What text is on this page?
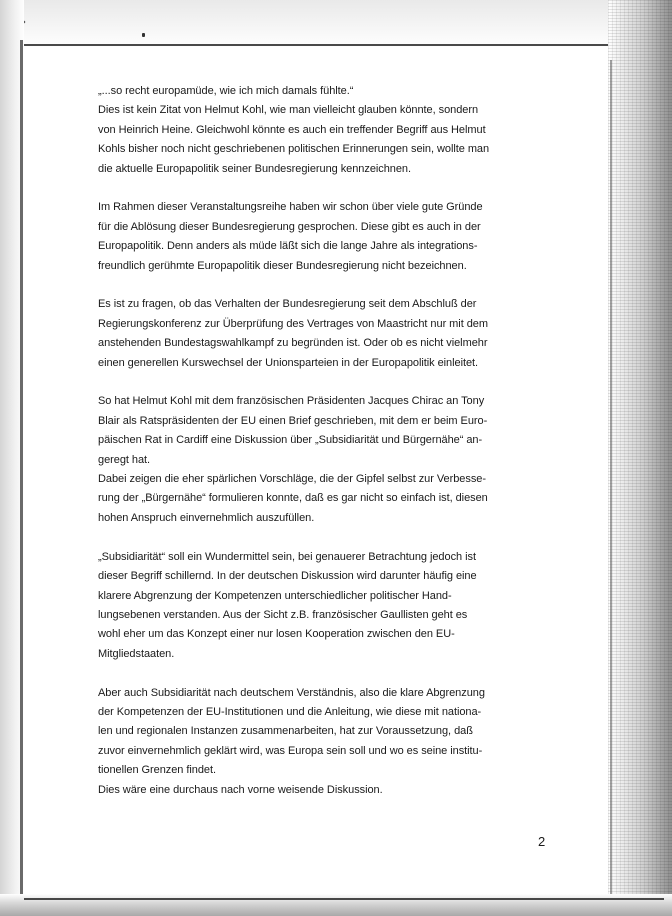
„...so recht europamüde, wie ich mich damals fühlte.“
Dies ist kein Zitat von Helmut Kohl, wie man vielleicht glauben könnte, sondern
von Heinrich Heine. Gleichwohl könnte es auch ein treffender Begriff aus Helmut
Kohls bisher noch nicht geschriebenen politischen Erinnerungen sein, wollte man
die aktuelle Europapolitik seiner Bundesregierung kennzeichnen.
Im Rahmen dieser Veranstaltungsreihe haben wir schon über viele gute Gründe
für die Ablösung dieser Bundesregierung gesprochen. Diese gibt es auch in der
Europapolitik. Denn anders als müde läßt sich die lange Jahre als integrations-
freundlich gerühmte Europapolitik dieser Bundesregierung nicht bezeichnen.
Es ist zu fragen, ob das Verhalten der Bundesregierung seit dem Abschluß der
Regierungskonferenz zur Überprüfung des Vertrages von Maastricht nur mit dem
anstehenden Bundestagswahlkampf zu begründen ist. Oder ob es nicht vielmehr
einen generellen Kurswechsel der Unionsparteien in der Europapolitik einleitet.
So hat Helmut Kohl mit dem französischen Präsidenten Jacques Chirac an Tony
Blair als Ratspräsidenten der EU einen Brief geschrieben, mit dem er beim Euro-
päischen Rat in Cardiff eine Diskussion über „Subsidiarität und Bürgernähe“ an-
geregt hat.
Dabei zeigen die eher spärlichen Vorschläge, die der Gipfel selbst zur Verbesse-
rung der „Bürgernähe“ formulieren konnte, daß es gar nicht so einfach ist, diesen
hohen Anspruch einvernehmlich auszufüllen.
„Subsidiarität“ soll ein Wundermittel sein, bei genauerer Betrachtung jedoch ist
dieser Begriff schillernd. In der deutschen Diskussion wird darunter häufig eine
klarere Abgrenzung der Kompetenzen unterschiedlicher politischer Hand-
lungsebenen verstanden. Aus der Sicht z.B. französischer Gaullisten geht es
wohl eher um das Konzept einer nur losen Kooperation zwischen den EU-
Mitgliedstaaten.
Aber auch Subsidiarität nach deutschem Verständnis, also die klare Abgrenzung
der Kompetenzen der EU-Institutionen und die Anleitung, wie diese mit nationa-
len und regionalen Instanzen zusammenarbeiten, hat zur Voraussetzung, daß
zuvor einvernehmlich geklärt wird, was Europa sein soll und wo es seine institu-
tionellen Grenzen findet.
Dies wäre eine durchaus nach vorne weisende Diskussion.
2
